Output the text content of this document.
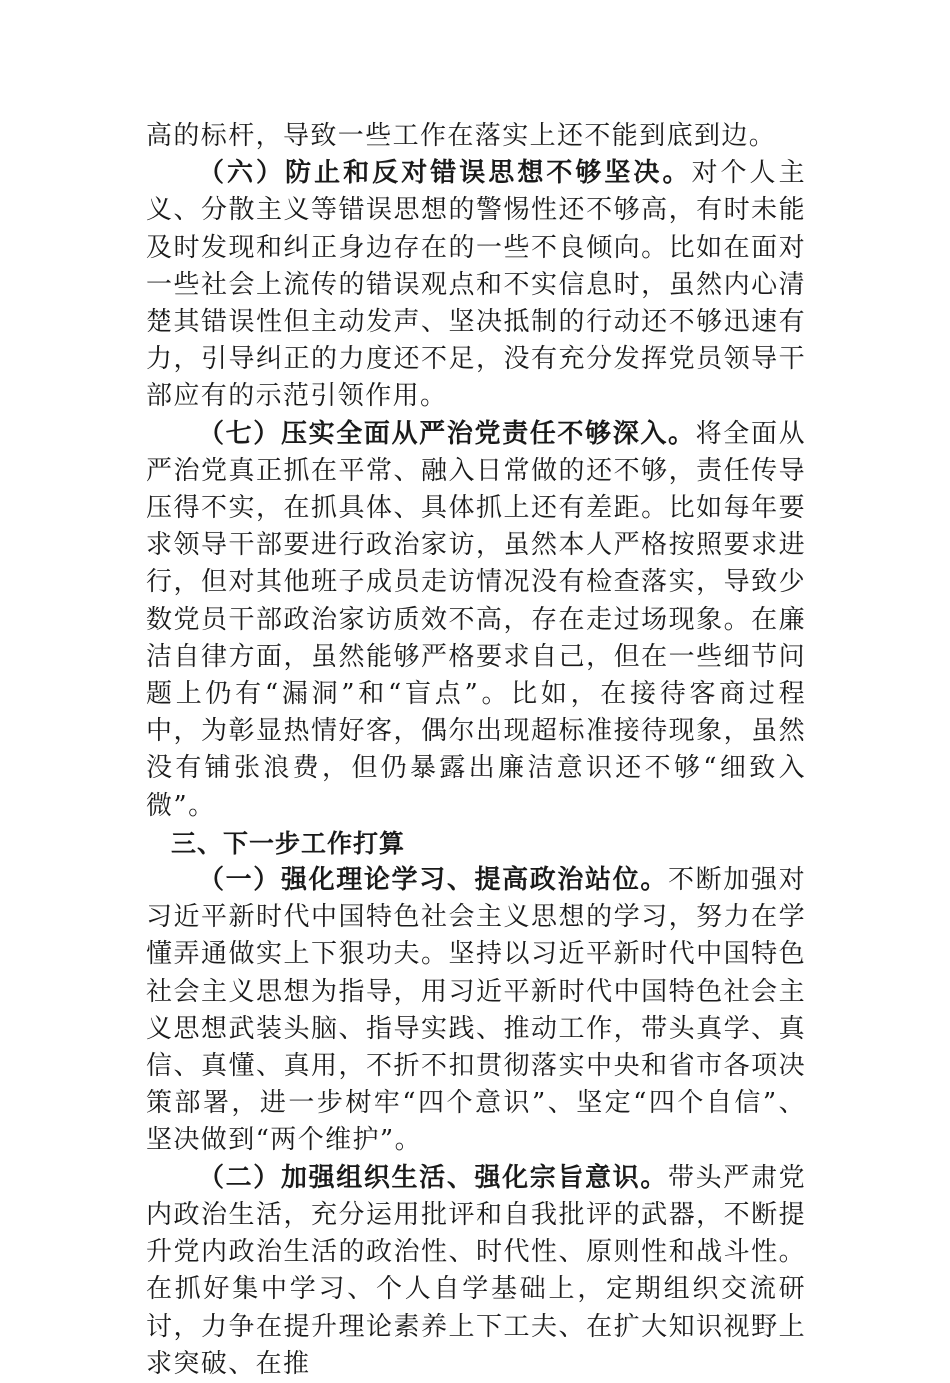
高的标杆，导致一些工作在落实上还不能到底到边。

（六）防止和反对错误思想不够坚决。对个人主义、分散主义等错误思想的警惕性还不够高，有时未能及时发现和纠正身边存在的一些不良倾向。比如在面对一些社会上流传的错误观点和不实信息时，虽然内心清楚其错误性但主动发声、坚决抵制的行动还不够迅速有力，引导纠正的力度还不足，没有充分发挥党员领导干部应有的示范引领作用。

（七）压实全面从严治党责任不够深入。将全面从严治党真正抓在平常、融入日常做的还不够，责任传导压得不实，在抓具体、具体抓上还有差距。比如每年要求领导干部要进行政治家访，虽然本人严格按照要求进行，但对其他班子成员走访情况没有检查落实，导致少数党员干部政治家访质效不高，存在走过场现象。在廉洁自律方面，虽然能够严格要求自己，但在一些细节问题上仍有“漏洞”和“盲点”。比如，在接待客商过程中，为彰显热情好客，偶尔出现超标准接待现象，虽然没有铺张浪费，但仍暴露出廉洁意识还不够“细致入微”。

三、下一步工作打算

（一）强化理论学习、提高政治站位。不断加强对习近平新时代中国特色社会主义思想的学习，努力在学懂弄通做实上下狠功夫。坚持以习近平新时代中国特色社会主义思想为指导，用习近平新时代中国特色社会主义思想武装头脑、指导实践、推动工作，带头真学、真信、真懂、真用，不折不扣贯彻落实中央和省市各项决策部署，进一步树牢“四个意识”、坚定“四个自信”、坚决做到“两个维护”。

（二）加强组织生活、强化宗旨意识。带头严肃党内政治生活，充分运用批评和自我批评的武器，不断提升党内政治生活的政治性、时代性、原则性和战斗性。在抓好集中学习、个人自学基础上，定期组织交流研讨，力争在提升理论素养上下工夫、在扩大知识视野上求突破、在推
